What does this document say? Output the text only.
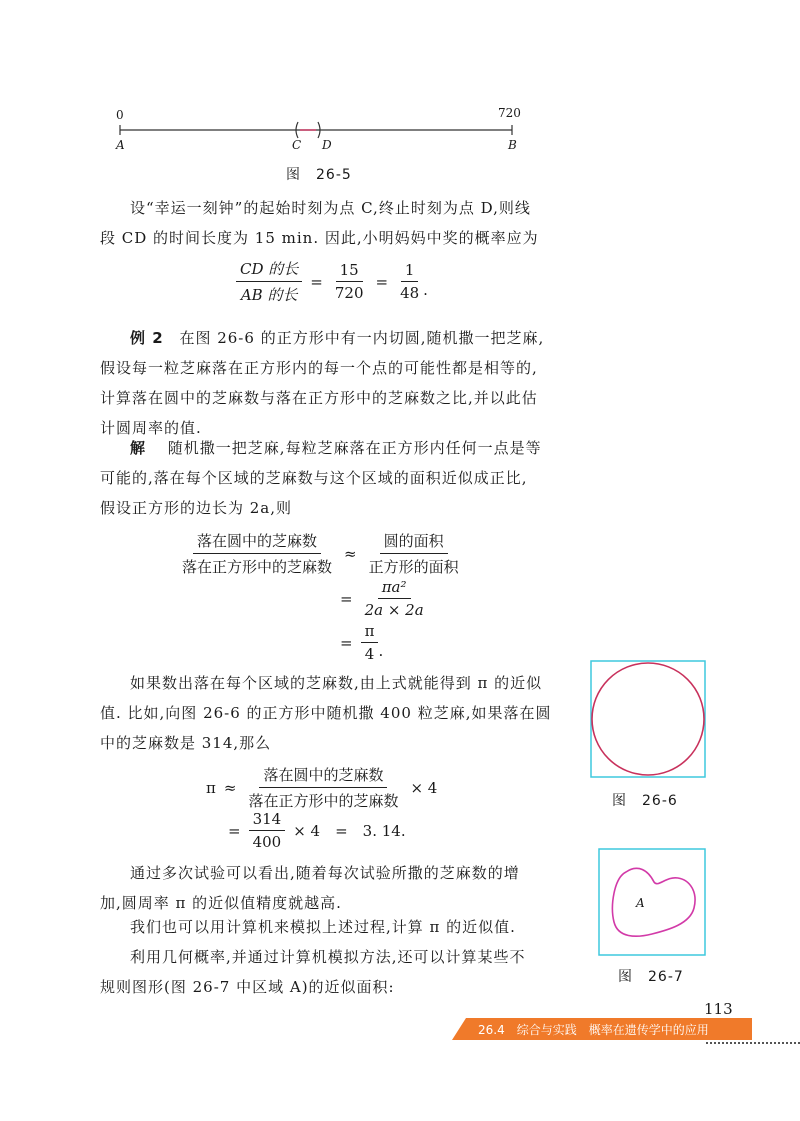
0	720
A	B
C D
图　26-5
设“幸运一刻钟”的起始时刻为点 C,终止时刻为点 D,则线
段 CD 的时间长度为 15 min. 因此,小明妈妈中奖的概率应为
$\frac{\text{CD 的长}}{\text{AB 的长}} = \frac{15}{720} = \frac{1}{48}$ .
例 2 在图 26-6 的正方形中有一内切圆,随机撒一把芝麻,
假设每一粒芝麻落在正方形内的每一个点的可能性都是相等的,
计算落在圆中的芝麻数与落在正方形中的芝麻数之比,并以此估
计圆周率的值.
解 随机撒一把芝麻,每粒芝麻落在正方形内任何一点是等
可能的,落在每个区域的芝麻数与这个区域的面积近似成正比,
假设正方形的边长为 2a,则
$\frac{\text{落在圆中的芝麻数}}{\text{落在正方形中的芝麻数}} \approx \frac{\text{圆的面积}}{\text{正方形的面积}}$
= $\frac{\text{πa²}}{2a \times 2a}$
= $\frac{\pi}{4}$ .
如果数出落在每个区域的芝麻数,由上式就能得到 π 的近似
值. 比如,向图 26-6 的正方形中随机撒 400 粒芝麻,如果落在圆
中的芝麻数是 314,那么
$\pi \approx \frac{\text{落在圆中的芝麻数}}{\text{落在正方形中的芝麻数}} \times 4$
= $\frac{314}{400} \times 4$　=　3. 14.
通过多次试验可以看出,随着每次试验所撒的芝麻数的增
加,圆周率 π 的近似值精度就越高.
我们也可以用计算机来模拟上述过程,计算 π 的近似值.
利用几何概率,并通过计算机模拟方法,还可以计算某些不
规则图形(图 26-7 中区域 A)的近似面积:
图　26-6
A
图　26-7
113
26.4　综合与实践　概率在遗传学中的应用
